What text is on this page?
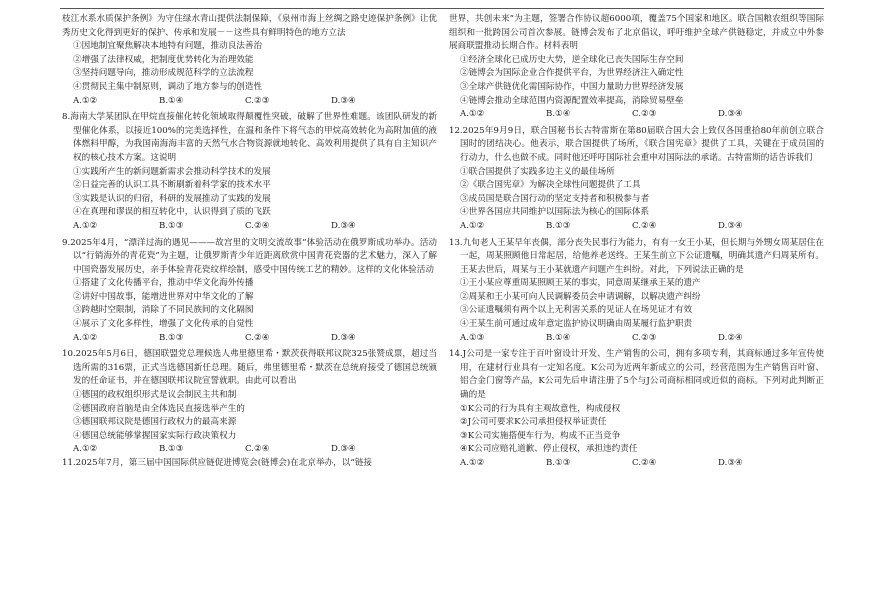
枝江水系水质保护条例》为守住绿水青山提供法制保障，《泉州市海上丝绸之路史迹保护条例》让优秀历史文化得到更好的保护、传承和发展－－这些具有鲜明特色的地方立法
①因地制宜聚焦解决本地特有问题，推动良法善治
②增强了法律权威，把制度优势转化为治理效能
③坚持问题导向，推动形成规范科学的立法流程
④贯彻民主集中制原则，调动了地方参与的创造性
A.①②	B.①④	C.②③	D.③④
8.海南大学某团队在甲烷直接催化转化领域取得颠覆性突破，破解了世界性难题。该团队研发的新型催化体系，以接近100%的完美选择性，在温和条件下将气态的甲烷高效转化为高附加值的液体燃料甲醇，为我国南海海丰富的天然气水合物资源就地转化、高效利用提供了具有自主知识产权的核心技术方案。这说明
①实践所产生的新问题新需求会推动科学技术的发展
②日益完善的认识工具不断刷新着科学家的技术水平
③实践是认识的归宿，科研的发展推动了实践的发展
④在真理和谬误的相互转化中，认识得到了质的飞跃
A.①②	B.①③	C.②④	D.③④
9.2025年4月，“漂洋过海的遇见———故宫里的文明交流故事”体验活动在俄罗斯成功举办。活动以“行销海外的青花瓷”为主题，让俄罗斯青少年近距离欣赏中国青花瓷器的艺术魅力，深入了解中国瓷器发展历史，亲手体验青花瓷纹样绘制，感受中国传统工艺的精妙。这样的文化体验活动
①搭建了文化传播平台，推动中华文化海外传播
②讲好中国故事，能增进世界对中华文化的了解
③跨越时空限制，消除了不同民族间的文化隔阂
④展示了文化多样性，增强了文化传承的自觉性
A.①②	B.①③	C.②④	D.③④
10.2025年5月6日，德国联盟党总理候选人弗里德里希・默茨获得联邦议院325张赞成票，超过当选所需的316票，正式当选德国新任总理。随后，弗里德里希・默茨在总统府接受了德国总统颁发的任命证书，并在德国联邦议院宣誓就职。由此可以看出
①德国的政权组织形式是议会制民主共和制
②德国政府首脑是由全体选民直接选举产生的
③德国联邦议院是德国行政权力的最高来源
④德国总统能够掌握国家实际行政决策权力
A.①②	B.①③	C.②④	D.③④
11.2025年7月，第三届中国国际供应链促进博览会(链博会)在北京举办，以“链接
世界，共创未来”为主题，签署合作协议超6000项，覆盖75个国家和地区。联合国粮农组织等国际组织和一批跨国公司首次参展。链博会发布了北京倡议，呼吁维护全球产供链稳定，并成立中外参展商联盟推动长期合作。材料表明
①经济全球化已成历史大势，逆全球化已丧失国际生存空间
②链博会为国际企业合作提供平台，为世界经济注入确定性
③全球产供链优化需国际协作，中国力量助力世界经济发展
④链博会推动全球范围内资源配置效率提高，消除贸易壁垒
A.①②	B.①④	C.②③	D.③④
12.2025年9月9日，联合国秘书长古特雷斯在第80届联合国大会上致仅各国重拾80年前创立联合国时的团结决心。他表示，联合国提供了场所，《联合国宪章》提供了工具，关键在于成员国的行动力，什么也做不成。同时他还呼吁国际社会重申对国际法的承诺。古特雷斯的话告诉我们
①联合国提供了实践多边主义的最佳场所
②《联合国宪章》为解决全球性问题提供了工具
③成员国是联合国行动的坚定支持者和积极参与者
④世界各国应共同维护以国际法为核心的国际体系
A.①②	B.①③	C.②④	D.③④
13.九旬老人王某早年丧偶，部分丧失民事行为能力，有有一女王小某，但长期与外甥女周某居住在一起，周某照顾他日常起居，给他养老送终。王某生前立下公证遗嘱，明确其遗产归周某所有。王某去世后，周某与王小某就遗产问题产生纠纷。对此，下列说法正确的是
①王小某应尊重周某照顾王某的事实，同意周某继承王某的遗产
②周某和王小某可向人民调解委员会申请调解，以解决遗产纠纷
③公证遗嘱须有两个以上无利害关系的见证人在场见证才有效
④王某生前可通过成年意定监护协议明确由周某履行监护职责
A.①③	B.①④	C.②③	D.②④
14.J公司是一家专注于百叶窗设计开发、生产销售的公司，拥有多项专利，其商标通过多年宣传使用，在建材行业具有一定知名度。K公司为近两年新成立的公司，经营范围为生产销售百叶窗、铝合金门窗等产品，K公司先后申请注册了5个与J公司商标相同或近似的商标。下列对此判断正确的是
①K公司的行为具有主观故意性，构成侵权
②J公司可要求K公司承担侵权举证责任
③K公司实施搭便车行为，构成不正当竞争
④K公司应赔礼道歉、停止侵权，承担违约责任
A.①②	B.①③	C.②④	D.③④
